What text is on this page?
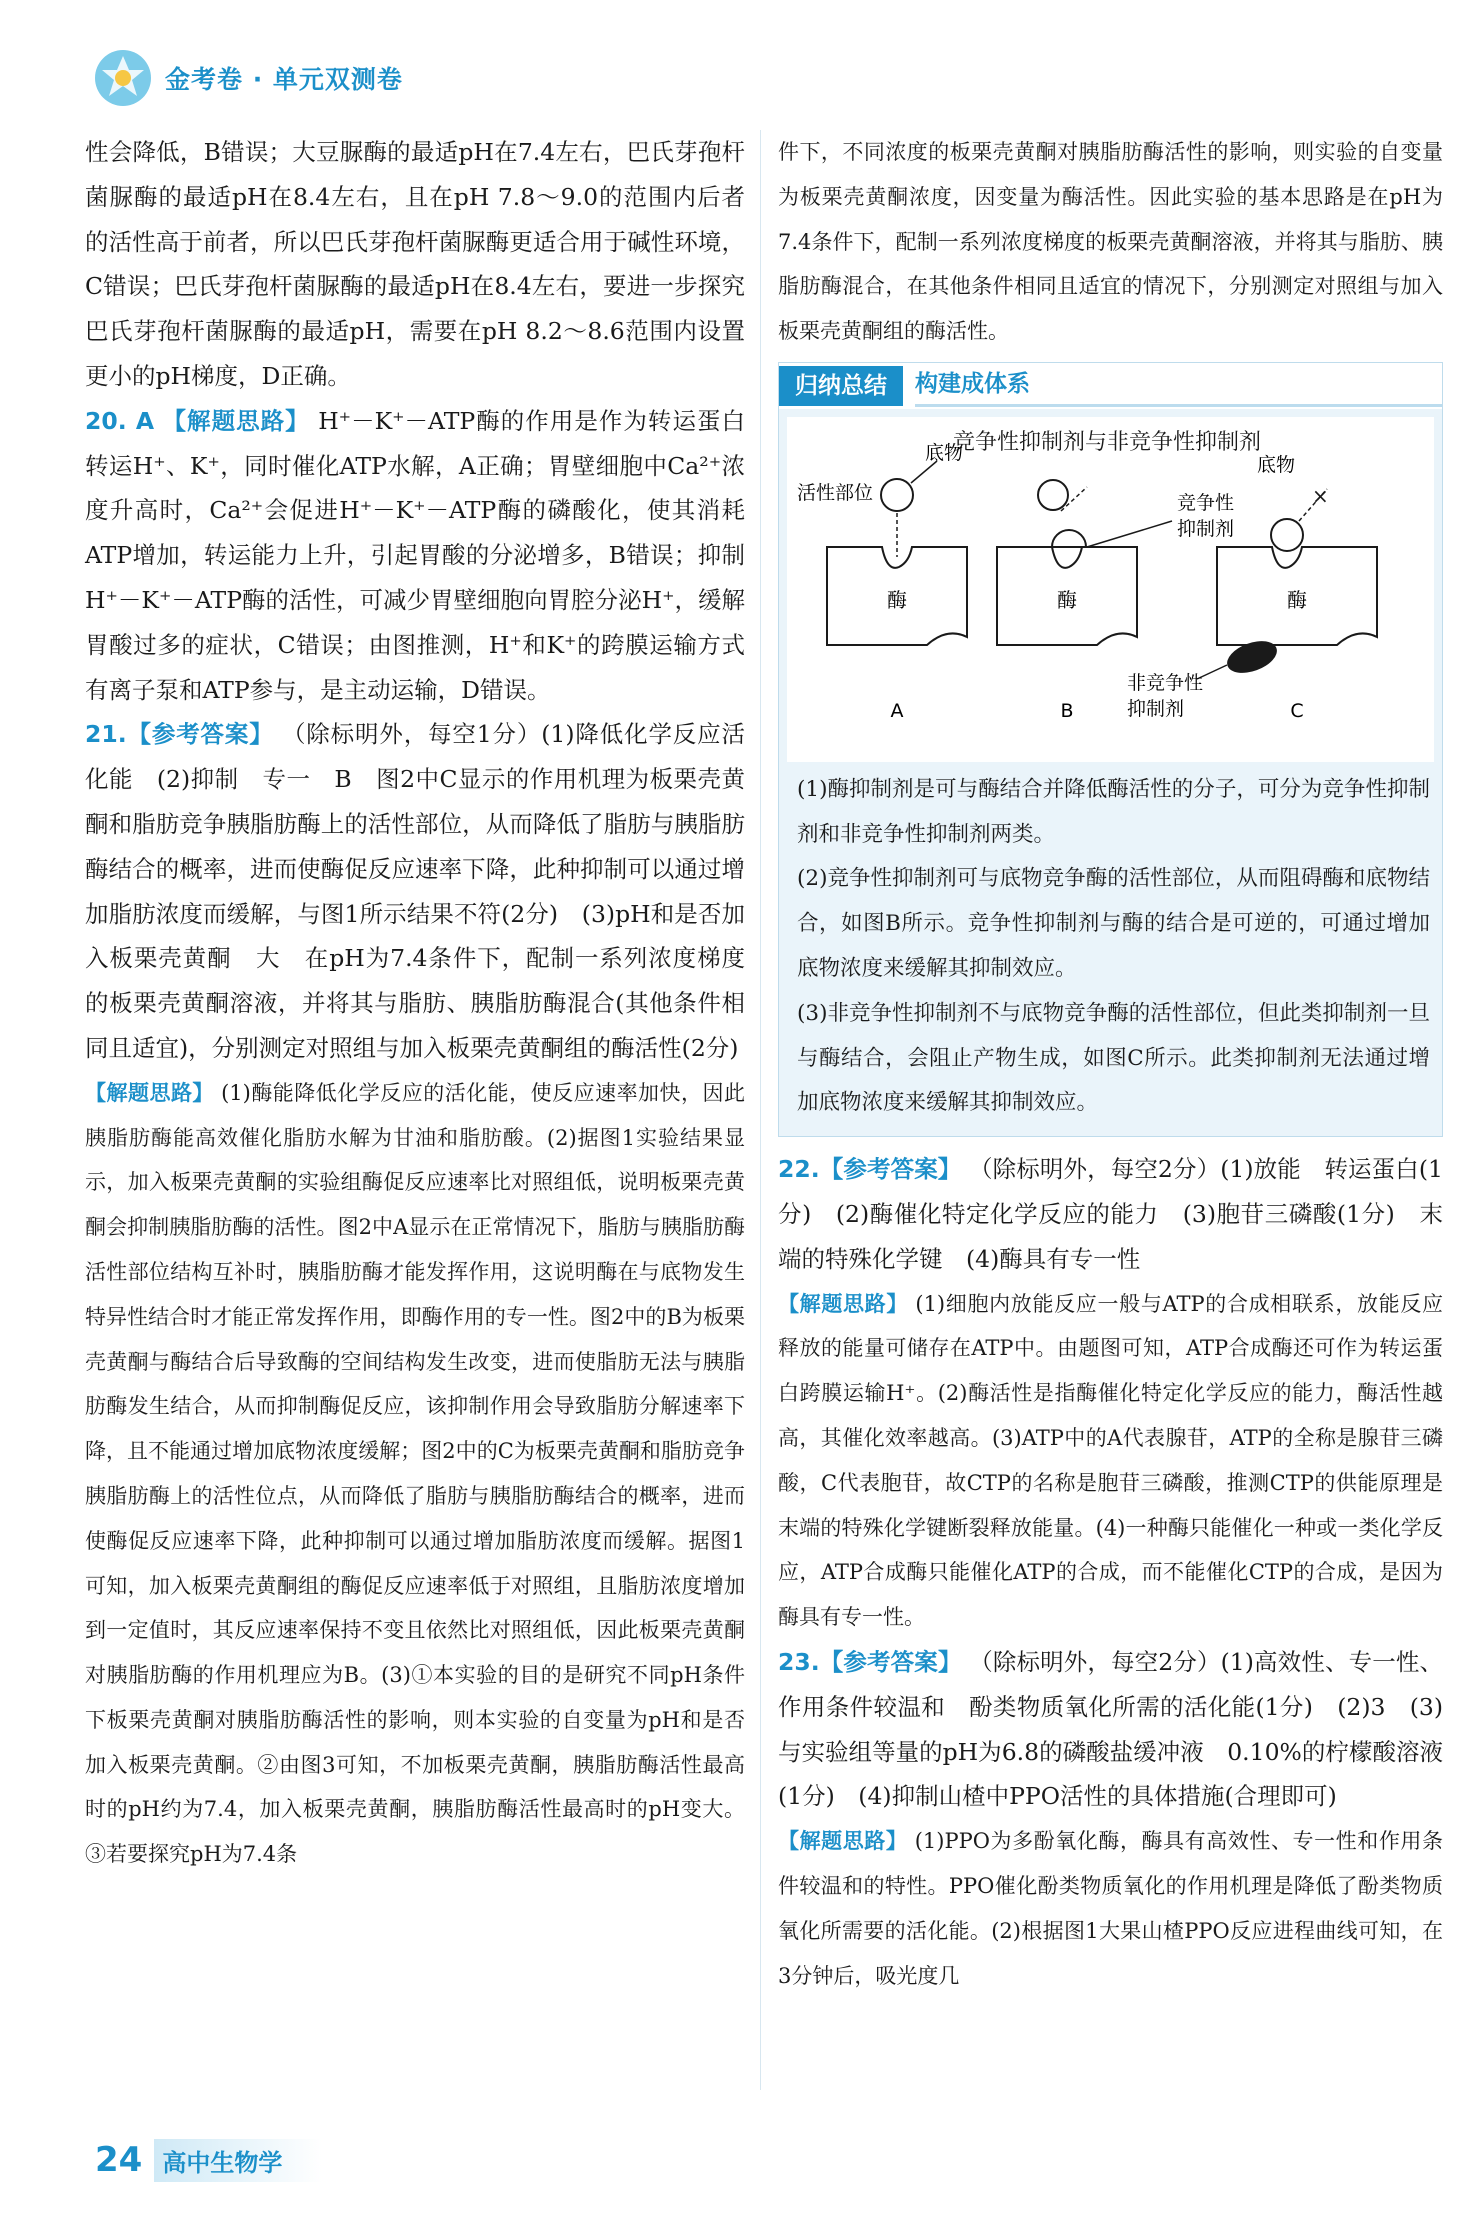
金考卷 · 单元双测卷

性会降低，B错误；大豆脲酶的最适pH在7.4左右，巴氏芽孢杆菌脲酶的最适pH在8.4左右，且在pH 7.8～9.0的范围内后者的活性高于前者，所以巴氏芽孢杆菌脲酶更适合用于碱性环境，C错误；巴氏芽孢杆菌脲酶的最适pH在8.4左右，要进一步探究巴氏芽孢杆菌脲酶的最适pH，需要在pH 8.2～8.6范围内设置更小的pH梯度，D正确。

20. A 【解题思路】 H⁺－K⁺－ATP酶的作用是作为转运蛋白转运H⁺、K⁺，同时催化ATP水解，A正确；胃壁细胞中Ca²⁺浓度升高时，Ca²⁺会促进H⁺－K⁺－ATP酶的磷酸化，使其消耗ATP增加，转运能力上升，引起胃酸的分泌增多，B错误；抑制H⁺－K⁺－ATP酶的活性，可减少胃壁细胞向胃腔分泌H⁺，缓解胃酸过多的症状，C错误；由图推测，H⁺和K⁺的跨膜运输方式有离子泵和ATP参与，是主动运输，D错误。

21.【参考答案】 （除标明外，每空1分）(1)降低化学反应活化能　(2)抑制　专一　B　图2中C显示的作用机理为板栗壳黄酮和脂肪竞争胰脂肪酶上的活性部位，从而降低了脂肪与胰脂肪酶结合的概率，进而使酶促反应速率下降，此种抑制可以通过增加脂肪浓度而缓解，与图1所示结果不符(2分)　(3)pH和是否加入板栗壳黄酮　大　在pH为7.4条件下，配制一系列浓度梯度的板栗壳黄酮溶液，并将其与脂肪、胰脂肪酶混合(其他条件相同且适宜)，分别测定对照组与加入板栗壳黄酮组的酶活性(2分)

【解题思路】 (1)酶能降低化学反应的活化能，使反应速率加快，因此胰脂肪酶能高效催化脂肪水解为甘油和脂肪酸。(2)据图1实验结果显示，加入板栗壳黄酮的实验组酶促反应速率比对照组低，说明板栗壳黄酮会抑制胰脂肪酶的活性。图2中A显示在正常情况下，脂肪与胰脂肪酶活性部位结构互补时，胰脂肪酶才能发挥作用，这说明酶在与底物发生特异性结合时才能正常发挥作用，即酶作用的专一性。图2中的B为板栗壳黄酮与酶结合后导致酶的空间结构发生改变，进而使脂肪无法与胰脂肪酶发生结合，从而抑制酶促反应，该抑制作用会导致脂肪分解速率下降，且不能通过增加底物浓度缓解；图2中的C为板栗壳黄酮和脂肪竞争胰脂肪酶上的活性位点，从而降低了脂肪与胰脂肪酶结合的概率，进而使酶促反应速率下降，此种抑制可以通过增加脂肪浓度而缓解。据图1可知，加入板栗壳黄酮组的酶促反应速率低于对照组，且脂肪浓度增加到一定值时，其反应速率保持不变且依然比对照组低，因此板栗壳黄酮对胰脂肪酶的作用机理应为B。(3)①本实验的目的是研究不同pH条件下板栗壳黄酮对胰脂肪酶活性的影响，则本实验的自变量为pH和是否加入板栗壳黄酮。②由图3可知，不加板栗壳黄酮，胰脂肪酶活性最高时的pH约为7.4，加入板栗壳黄酮，胰脂肪酶活性最高时的pH变大。③若要探究pH为7.4条

件下，不同浓度的板栗壳黄酮对胰脂肪酶活性的影响，则实验的自变量为板栗壳黄酮浓度，因变量为酶活性。因此实验的基本思路是在pH为7.4条件下，配制一系列浓度梯度的板栗壳黄酮溶液，并将其与脂肪、胰脂肪酶混合，在其他条件相同且适宜的情况下，分别测定对照组与加入板栗壳黄酮组的酶活性。

归纳总结	构建成体系
竞争性抑制剂与非竞争性抑制剂
酶
底物
活性部位
A
酶
竞争性
抑制剂
B
酶
×
底物
非竞争性
抑制剂	C

(1)酶抑制剂是可与酶结合并降低酶活性的分子，可分为竞争性抑制剂和非竞争性抑制剂两类。

(2)竞争性抑制剂可与底物竞争酶的活性部位，从而阻碍酶和底物结合，如图B所示。竞争性抑制剂与酶的结合是可逆的，可通过增加底物浓度来缓解其抑制效应。

(3)非竞争性抑制剂不与底物竞争酶的活性部位，但此类抑制剂一旦与酶结合，会阻止产物生成，如图C所示。此类抑制剂无法通过增加底物浓度来缓解其抑制效应。

22.【参考答案】 （除标明外，每空2分）(1)放能　转运蛋白(1分)　(2)酶催化特定化学反应的能力　(3)胞苷三磷酸(1分)　末端的特殊化学键　(4)酶具有专一性

【解题思路】 (1)细胞内放能反应一般与ATP的合成相联系，放能反应释放的能量可储存在ATP中。由题图可知，ATP合成酶还可作为转运蛋白跨膜运输H⁺。(2)酶活性是指酶催化特定化学反应的能力，酶活性越高，其催化效率越高。(3)ATP中的A代表腺苷，ATP的全称是腺苷三磷酸，C代表胞苷，故CTP的名称是胞苷三磷酸，推测CTP的供能原理是末端的特殊化学键断裂释放能量。(4)一种酶只能催化一种或一类化学反应，ATP合成酶只能催化ATP的合成，而不能催化CTP的合成，是因为酶具有专一性。

23.【参考答案】 （除标明外，每空2分）(1)高效性、专一性、作用条件较温和　酚类物质氧化所需的活化能(1分)　(2)3　(3)与实验组等量的pH为6.8的磷酸盐缓冲液　0.10%的柠檬酸溶液(1分)　(4)抑制山楂中PPO活性的具体措施(合理即可)

【解题思路】 (1)PPO为多酚氧化酶，酶具有高效性、专一性和作用条件较温和的特性。PPO催化酚类物质氧化的作用机理是降低了酚类物质氧化所需要的活化能。(2)根据图1大果山楂PPO反应进程曲线可知，在3分钟后，吸光度几

24 高中生物学
